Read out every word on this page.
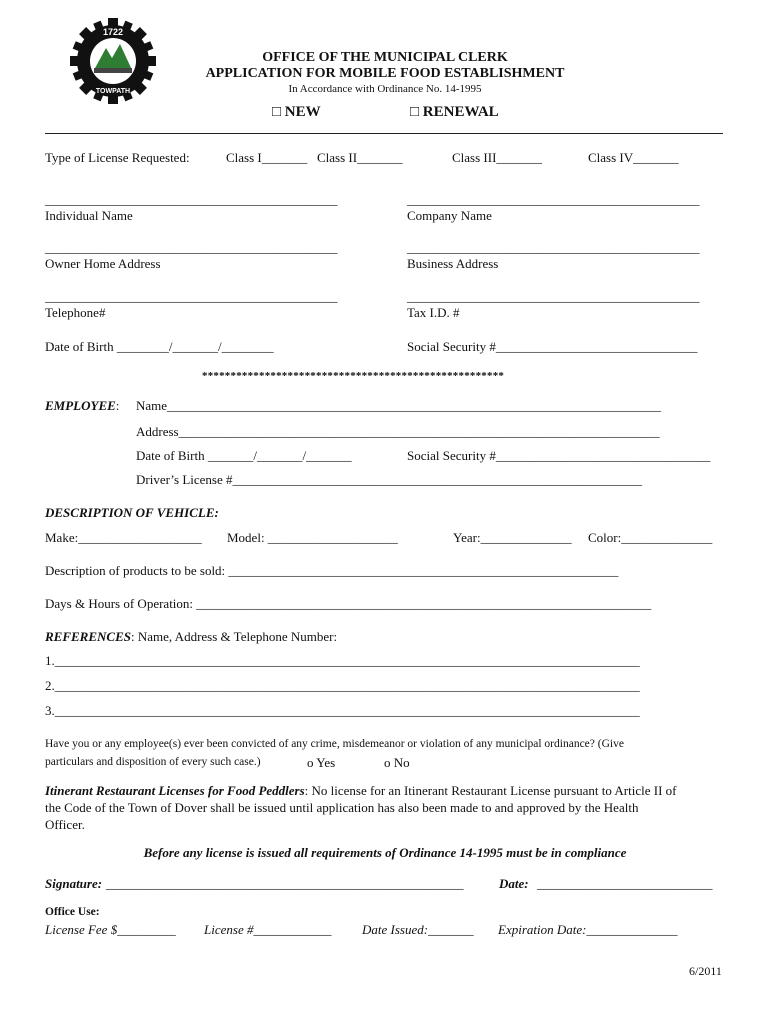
1722
TOWPATH
OFFICE OF THE MUNICIPAL CLERK
APPLICATION FOR MOBILE FOOD ESTABLISHMENT
In Accordance with Ordinance No. 14-1995
□ NEW	□ RENEWAL
Type of License Requested:	Class I_______ Class II_______	Class III_______	Class IV_______
_____________________________________________	_____________________________________________
Individual Name	Company Name
_____________________________________________	_____________________________________________
Owner Home Address	Business Address
_____________________________________________	_____________________________________________
Telephone#	Tax I.D. #
Date of Birth ________/_______/________	Social Security #_______________________________
*****************************************************
EMPLOYEE: Name____________________________________________________________________________
Address__________________________________________________________________________
Date of Birth _______/_______/_______	Social Security #_________________________________
Driver’s License #_______________________________________________________________
DESCRIPTION OF VEHICLE:
Make:___________________ Model: ____________________	Year:______________ Color:______________
Description of products to be sold: ____________________________________________________________
Days & Hours of Operation: ______________________________________________________________________
REFERENCES: Name, Address & Telephone Number:
1.__________________________________________________________________________________________
2.__________________________________________________________________________________________
3.__________________________________________________________________________________________
Have you or any employee(s) ever been convicted of any crime, misdemeanor or violation of any municipal ordinance? (Give
particulars and disposition of every such case.)	o Yes	o No
Itinerant Restaurant Licenses for Food Peddlers: No license for an Itinerant Restaurant License pursuant to Article II of
the Code of the Town of Dover shall be issued until application has also been made to and approved by the Health
Officer.
Before any license is issued all requirements of Ordinance 14-1995 must be in compliance
Signature: _______________________________________________________	Date: ___________________________
Office Use:
License Fee $_________ License #____________ Date Issued:_______ Expiration Date:______________
6/2011
